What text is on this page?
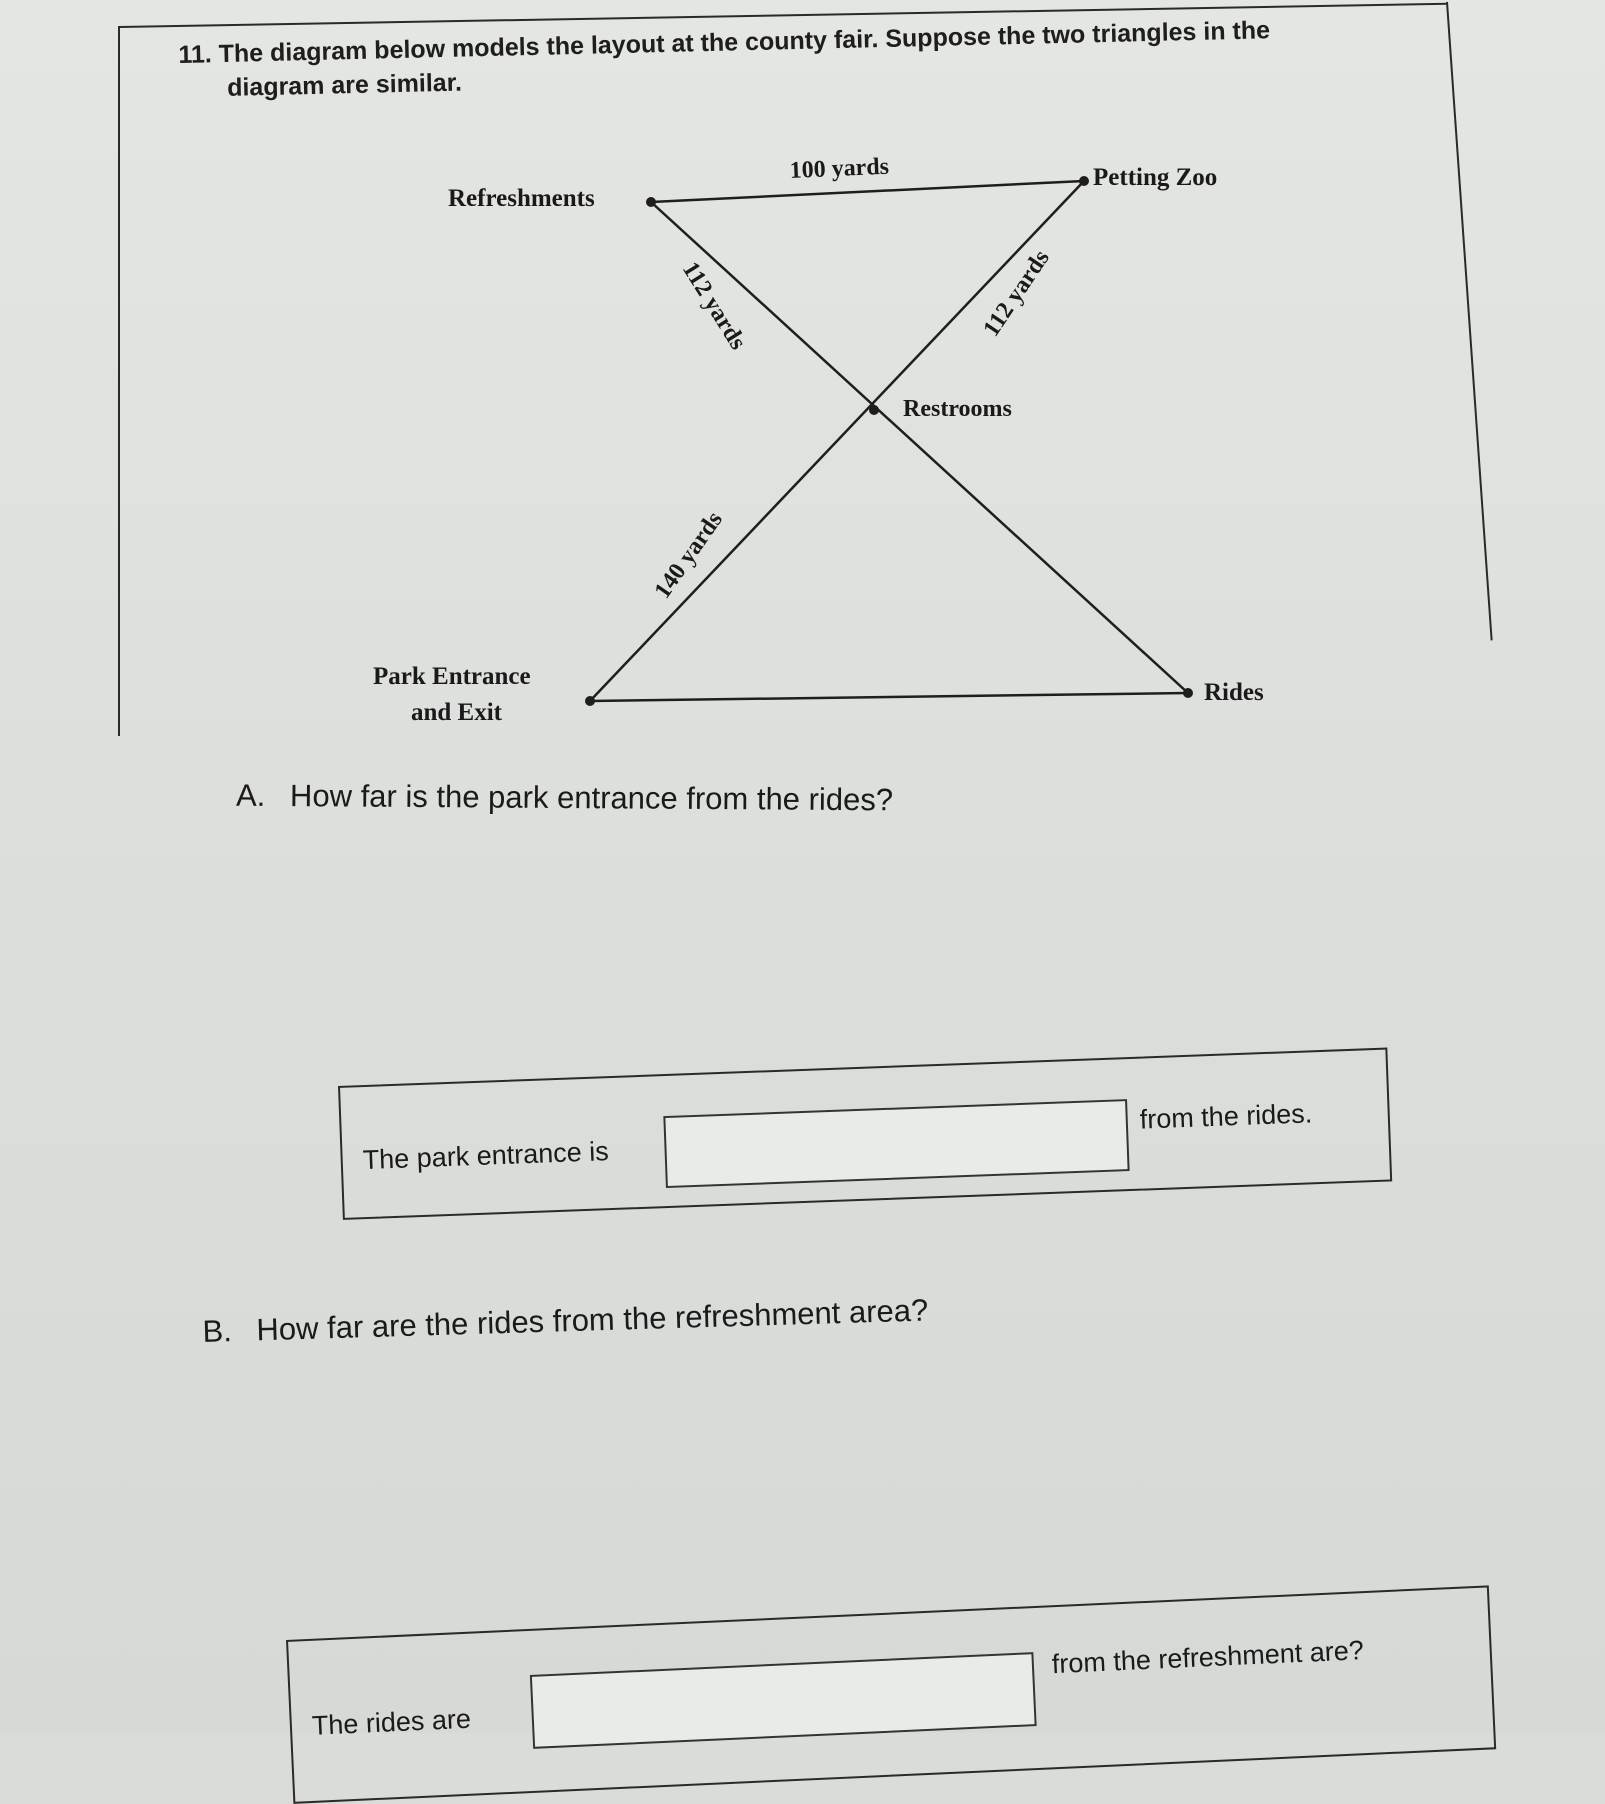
11. The diagram below models the layout at the county fair. Suppose the two triangles in the
diagram are similar.
Refreshments
Petting Zoo
Restrooms
Park Entrance
and Exit
Rides
100 yards
112 yards	112 yards
140 yards
A. How far is the park entrance from the rides?
The park entrance is
from the rides.
B. How far are the rides from the refreshment area?
The rides are
from the refreshment are?
